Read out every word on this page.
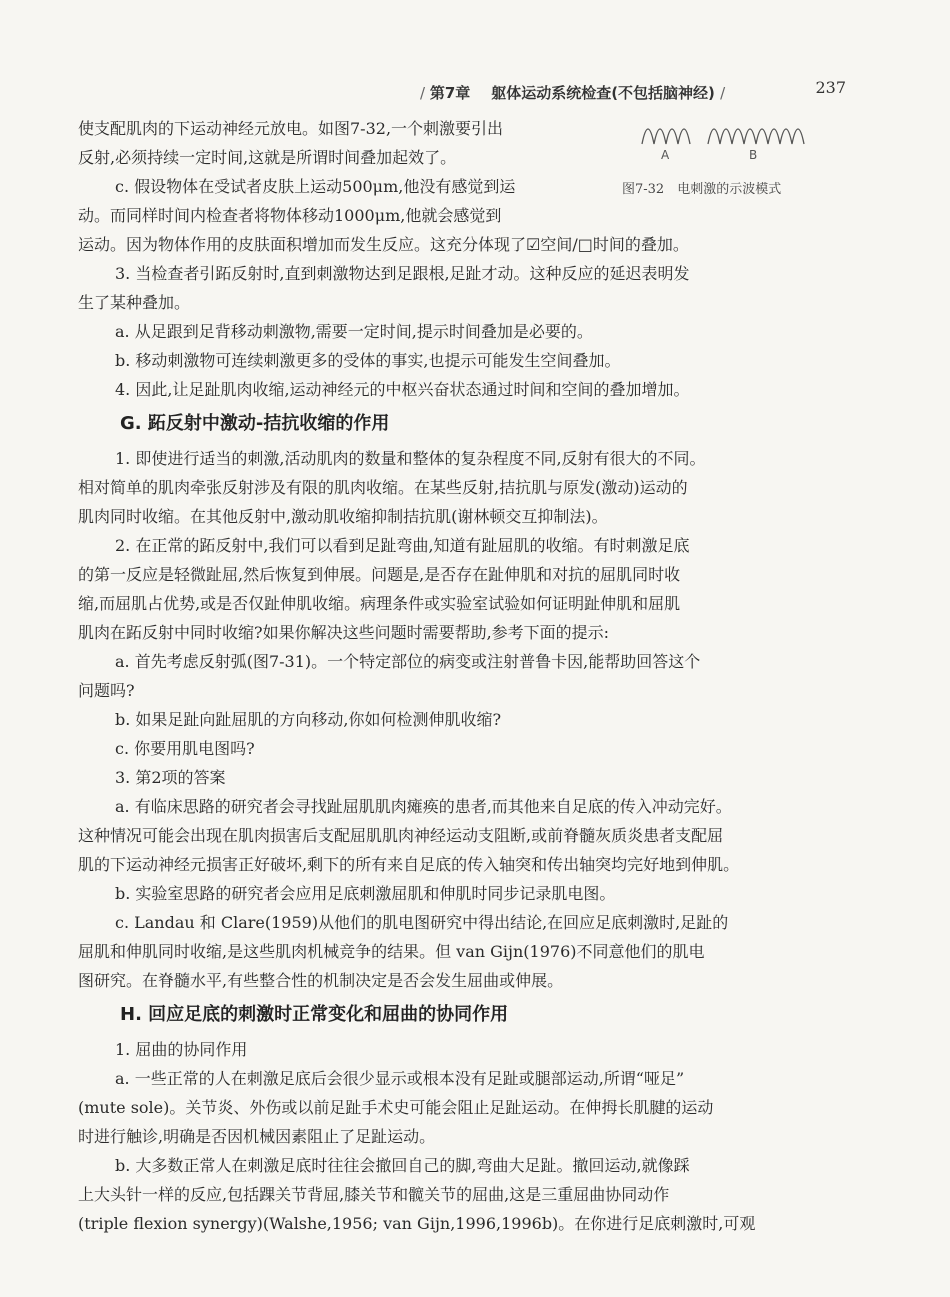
/ 第7章 躯体运动系统检查(不包括脑神经) /	237
A	B
图7-32　电刺激的示波模式
使支配肌肉的下运动神经元放电。如图7-32,一个刺激要引出
反射,必须持续一定时间,这就是所谓时间叠加起效了。
c. 假设物体在受试者皮肤上运动500μm,他没有感觉到运
动。而同样时间内检查者将物体移动1000μm,他就会感觉到
运动。因为物体作用的皮肤面积增加而发生反应。这充分体现了☑空间/□时间的叠加。
3. 当检查者引跖反射时,直到刺激物达到足跟根,足趾才动。这种反应的延迟表明发
生了某种叠加。
a. 从足跟到足背移动刺激物,需要一定时间,提示时间叠加是必要的。
b. 移动刺激物可连续刺激更多的受体的事实,也提示可能发生空间叠加。
4. 因此,让足趾肌肉收缩,运动神经元的中枢兴奋状态通过时间和空间的叠加增加。
G. 跖反射中激动-拮抗收缩的作用
1. 即使进行适当的刺激,活动肌肉的数量和整体的复杂程度不同,反射有很大的不同。
相对简单的肌肉牵张反射涉及有限的肌肉收缩。在某些反射,拮抗肌与原发(激动)运动的
肌肉同时收缩。在其他反射中,激动肌收缩抑制拮抗肌(谢林顿交互抑制法)。
2. 在正常的跖反射中,我们可以看到足趾弯曲,知道有趾屈肌的收缩。有时刺激足底
的第一反应是轻微趾屈,然后恢复到伸展。问题是,是否存在趾伸肌和对抗的屈肌同时收
缩,而屈肌占优势,或是否仅趾伸肌收缩。病理条件或实验室试验如何证明趾伸肌和屈肌
肌肉在跖反射中同时收缩?如果你解决这些问题时需要帮助,参考下面的提示:
a. 首先考虑反射弧(图7-31)。一个特定部位的病变或注射普鲁卡因,能帮助回答这个
问题吗?
b. 如果足趾向趾屈肌的方向移动,你如何检测伸肌收缩?
c. 你要用肌电图吗?
3. 第2项的答案
a. 有临床思路的研究者会寻找趾屈肌肌肉瘫痪的患者,而其他来自足底的传入冲动完好。
这种情况可能会出现在肌肉损害后支配屈肌肌肉神经运动支阻断,或前脊髓灰质炎患者支配屈
肌的下运动神经元损害正好破坏,剩下的所有来自足底的传入轴突和传出轴突均完好地到伸肌。
b. 实验室思路的研究者会应用足底刺激屈肌和伸肌时同步记录肌电图。
c. Landau 和 Clare(1959)从他们的肌电图研究中得出结论,在回应足底刺激时,足趾的
屈肌和伸肌同时收缩,是这些肌肉机械竞争的结果。但 van Gijn(1976)不同意他们的肌电
图研究。在脊髓水平,有些整合性的机制决定是否会发生屈曲或伸展。
H. 回应足底的刺激时正常变化和屈曲的协同作用
1. 屈曲的协同作用
a. 一些正常的人在刺激足底后会很少显示或根本没有足趾或腿部运动,所谓“哑足”
(mute sole)。关节炎、外伤或以前足趾手术史可能会阻止足趾运动。在伸拇长肌腱的运动
时进行触诊,明确是否因机械因素阻止了足趾运动。
b. 大多数正常人在刺激足底时往往会撤回自己的脚,弯曲大足趾。撤回运动,就像踩
上大头针一样的反应,包括踝关节背屈,膝关节和髋关节的屈曲,这是三重屈曲协同动作
(triple flexion synergy)(Walshe,1956; van Gijn,1996,1996b)。在你进行足底刺激时,可观
